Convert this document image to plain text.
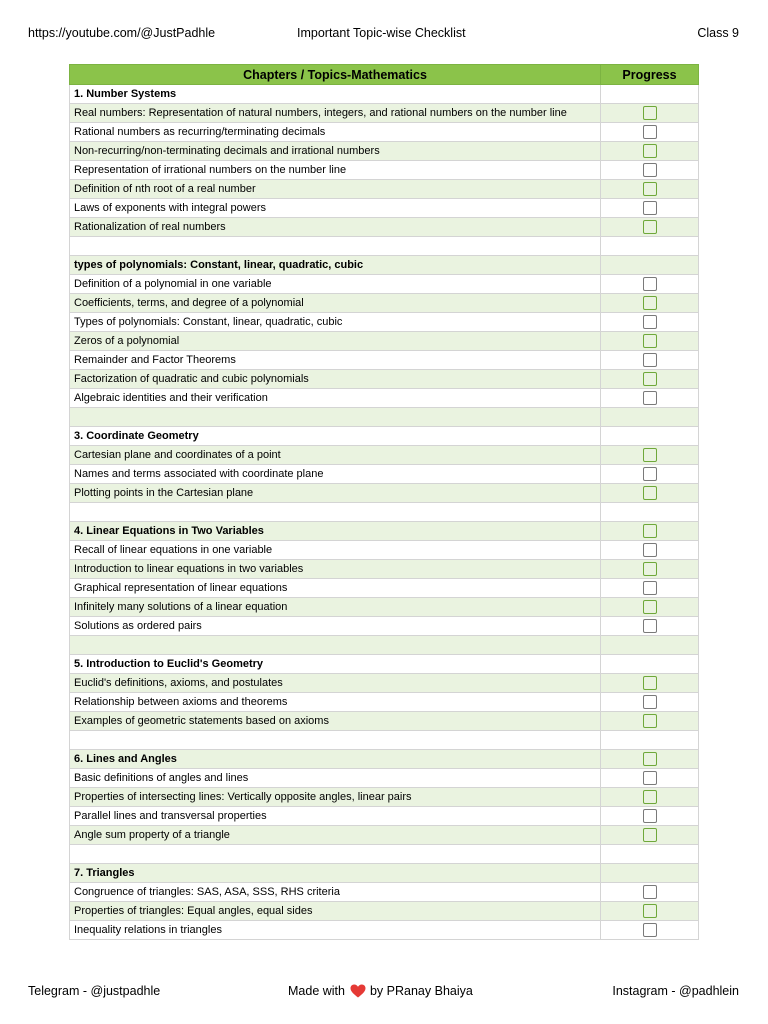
https://youtube.com/@JustPadhle	Important Topic-wise Checklist	Class 9
Chapters / Topics-Mathematics	Progress
1. Number Systems	
Real numbers: Representation of natural numbers, integers, and rational numbers on the number line	
Rational numbers as recurring/terminating decimals	
Non-recurring/non-terminating decimals and irrational numbers	
Representation of irrational numbers on the number line	
Definition of nth root of a real number	
Laws of exponents with integral powers	
Rationalization of real numbers	

types of polynomials: Constant, linear, quadratic, cubic	
Definition of a polynomial in one variable	
Coefficients, terms, and degree of a polynomial	
Types of polynomials: Constant, linear, quadratic, cubic	
Zeros of a polynomial	
Remainder and Factor Theorems	
Factorization of quadratic and cubic polynomials	
Algebraic identities and their verification	

3. Coordinate Geometry	
Cartesian plane and coordinates of a point	
Names and terms associated with coordinate plane	
Plotting points in the Cartesian plane	

4. Linear Equations in Two Variables	
Recall of linear equations in one variable	
Introduction to linear equations in two variables	
Graphical representation of linear equations	
Infinitely many solutions of a linear equation	
Solutions as ordered pairs	

5. Introduction to Euclid's Geometry	
Euclid's definitions, axioms, and postulates	
Relationship between axioms and theorems	
Examples of geometric statements based on axioms	

6. Lines and Angles	
Basic definitions of angles and lines	
Properties of intersecting lines: Vertically opposite angles, linear pairs	
Parallel lines and transversal properties	
Angle sum property of a triangle	

7. Triangles	
Congruence of triangles: SAS, ASA, SSS, RHS criteria	
Properties of triangles: Equal angles, equal sides	
Inequality relations in triangles	
Telegram - @justpadhle	Made with by PRanay Bhaiya	Instagram - @padhlein
